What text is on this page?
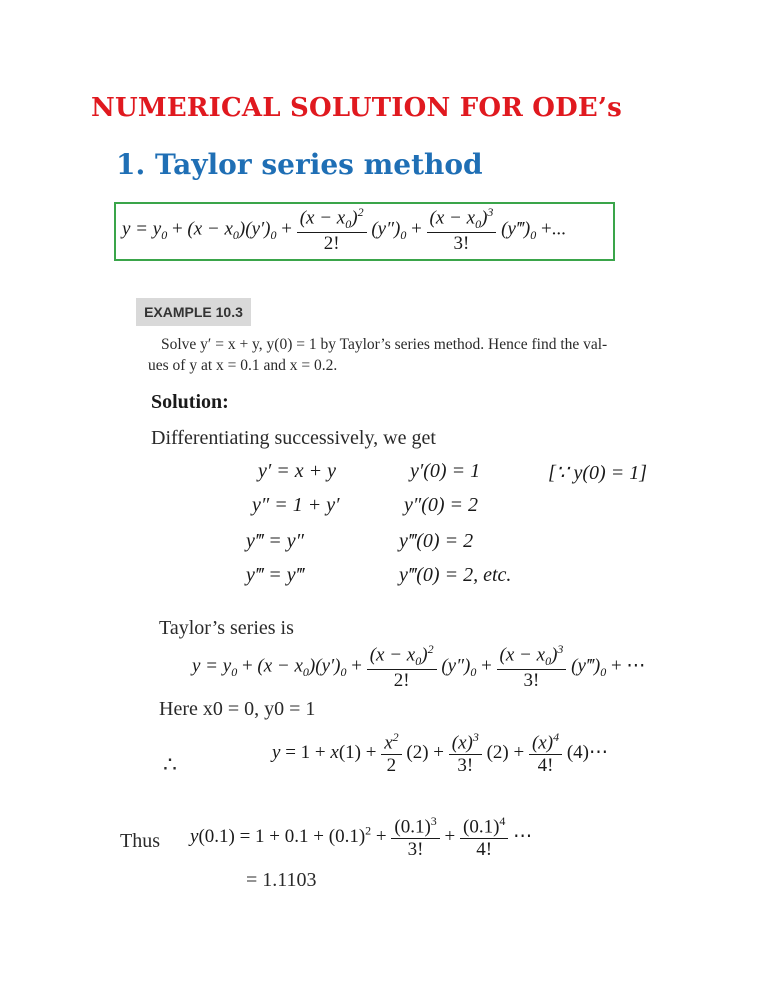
NUMERICAL SOLUTION FOR ODE’s
1. Taylor series method
$y = y_0 + (x - x_0)(y')_0 + \frac{(x - x_0)^2}{2!} (y'')_0 + \frac{(x - x_0)^3}{3!}$ $(y‴)_0$ +...
EXAMPLE 10.3
Solve y′ = x + y, y(0) = 1 by Taylor’s series method. Hence find the val-
ues of y at x = 0.1 and x = 0.2.
Solution:
Differentiating successively, we get
y′ = x + y	y′(0) = 1	[∵ y(0) = 1]
y″ = 1 + y′	y″(0) = 2
y‴ = y″	y‴(0) = 2
y‴ = y‴	y‴(0) = 2, etc.
Taylor’s series is
$y = y_0 + (x - x_0)(y')_0 + \frac{(x - x_0)^2}{2!} (y'')_0 + \frac{(x - x_0)^3}{3!}$ $(y‴)_0$ + ⋯
Here x0 = 0, y0 = 1
∴	$y = 1 + x(1) + \frac{x^2}{2} (2) + \frac{(x)^3}{3!} (2) + \frac{(x)^4}{4!}$ (4)⋯
Thus $y(0.1) = 1 + 0.1 + (0.1)^2 + \frac{(0.1)^3}{3!} + \frac{(0.1)^4}{4!}$ ⋯
= 1.1103
